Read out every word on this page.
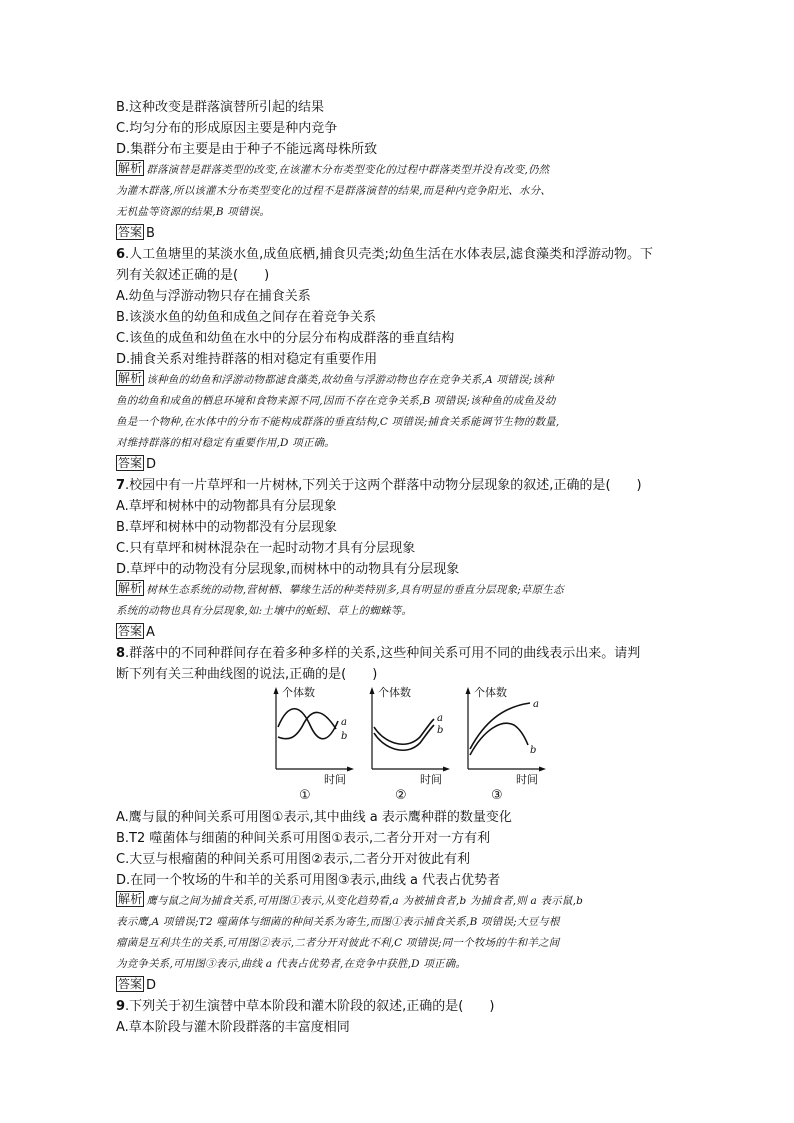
B.这种改变是群落演替所引起的结果
C.均匀分布的形成原因主要是种内竞争
D.集群分布主要是由于种子不能远离母株所致
解析 群落演替是群落类型的改变,在该灌木分布类型变化的过程中群落类型并没有改变,仍然
为灌木群落,所以该灌木分布类型变化的过程不是群落演替的结果,而是种内竞争阳光、水分、
无机盐等资源的结果,B 项错误。
答案 B
6.人工鱼塘里的某淡水鱼,成鱼底栖,捕食贝壳类;幼鱼生活在水体表层,滤食藻类和浮游动物。下
列有关叙述正确的是(　　)
A.幼鱼与浮游动物只存在捕食关系
B.该淡水鱼的幼鱼和成鱼之间存在着竞争关系
C.该鱼的成鱼和幼鱼在水中的分层分布构成群落的垂直结构
D.捕食关系对维持群落的相对稳定有重要作用
解析 该种鱼的幼鱼和浮游动物都滤食藻类,故幼鱼与浮游动物也存在竞争关系,A 项错误;该种
鱼的幼鱼和成鱼的栖息环境和食物来源不同,因而不存在竞争关系,B 项错误;该种鱼的成鱼及幼
鱼是一个物种,在水体中的分布不能构成群落的垂直结构,C 项错误;捕食关系能调节生物的数量,
对维持群落的相对稳定有重要作用,D 项正确。
答案 D
7.校园中有一片草坪和一片树林,下列关于这两个群落中动物分层现象的叙述,正确的是(　　)
A.草坪和树林中的动物都具有分层现象
B.草坪和树林中的动物都没有分层现象
C.只有草坪和树林混杂在一起时动物才具有分层现象
D.草坪中的动物没有分层现象,而树林中的动物具有分层现象
解析 树林生态系统的动物,营树栖、攀缘生活的种类特别多,具有明显的垂直分层现象;草原生态
系统的动物也具有分层现象,如:土壤中的蚯蚓、草上的蜘蛛等。
答案 A
8.群落中的不同种群间存在着多种多样的关系,这些种间关系可用不同的曲线表示出来。请判
断下列有关三种曲线图的说法,正确的是(　　)
个体数
时间
a
b
①
个体数
时间
a
b
②
个体数
时间
a
b
③
A.鹰与鼠的种间关系可用图①表示,其中曲线 a 表示鹰种群的数量变化
B.T2 噬菌体与细菌的种间关系可用图①表示,二者分开对一方有利
C.大豆与根瘤菌的种间关系可用图②表示,二者分开对彼此有利
D.在同一个牧场的牛和羊的关系可用图③表示,曲线 a 代表占优势者
解析 鹰与鼠之间为捕食关系,可用图①表示,从变化趋势看,a 为被捕食者,b 为捕食者,则 a 表示鼠,b
表示鹰,A 项错误;T2 噬菌体与细菌的种间关系为寄生,而图①表示捕食关系,B 项错误;大豆与根
瘤菌是互利共生的关系,可用图②表示,二者分开对彼此不利,C 项错误;同一个牧场的牛和羊之间
为竞争关系,可用图③表示,曲线 a 代表占优势者,在竞争中获胜,D 项正确。
答案 D
9.下列关于初生演替中草本阶段和灌木阶段的叙述,正确的是(　　)
A.草本阶段与灌木阶段群落的丰富度相同
